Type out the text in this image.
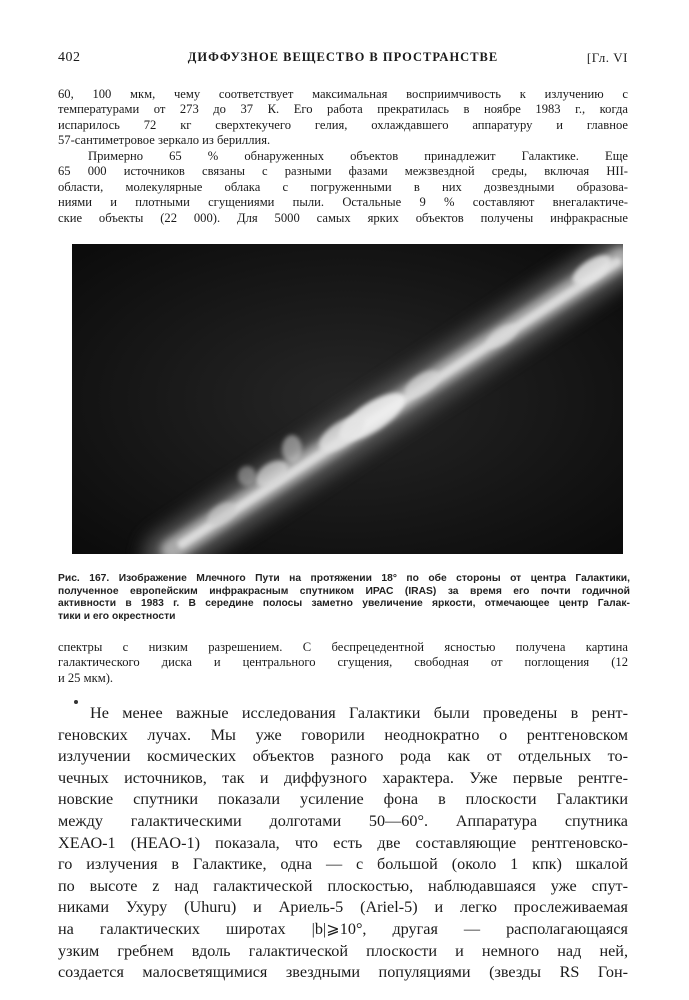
402	ДИФФУЗНОЕ ВЕЩЕСТВО В ПРОСТРАНСТВЕ	[Гл. VI
60, 100 мкм, чему соответствует максимальная восприимчивость к излучению с
температурами от 273 до 37 К. Его работа прекратилась в ноябре 1983 г., когда
испарилось 72 кг сверхтекучего гелия, охлаждавшего аппаратуру и главное
57-сантиметровое зеркало из бериллия.
Примерно 65 % обнаруженных объектов принадлежит Галактике. Еще
65 000 источников связаны с разными фазами межзвездной среды, включая НII-
области, молекулярные облака с погруженными в них дозвездными образова-
ниями и плотными сгущениями пыли. Остальные 9 % составляют внегалактиче-
ские объекты (22 000). Для 5000 самых ярких объектов получены инфракрасные
Рис. 167. Изображение Млечного Пути на протяжении 18° по обе стороны от центра Галактики,
полученное европейским инфракрасным спутником ИРАС (IRAS) за время его почти годичной
активности в 1983 г. В середине полосы заметно увеличение яркости, отмечающее центр Галак-
тики и его окрестности
спектры с низким разрешением. С беспрецедентной ясностью получена картина
галактического диска и центрального сгущения, свободная от поглощения (12
и 25 мкм).
Не менее важные исследования Галактики были проведены в рент-
геновских лучах. Мы уже говорили неоднократно о рентгеновском
излучении космических объектов разного рода как от отдельных то-
чечных источников, так и диффузного характера. Уже первые рентге-
новские спутники показали усиление фона в плоскости Галактики
между галактическими долготами 50—60°. Аппаратура спутника
ХЕАО-1 (HEAO-1) показала, что есть две составляющие рентгеновско-
го излучения в Галактике, одна — с большой (около 1 кпк) шкалой
по высоте z над галактической плоскостью, наблюдавшаяся уже спут-
никами Ухуру (Uhuru) и Ариель-5 (Ariel-5) и легко прослеживаемая
на галактических широтах |b|⩾10°, другая — располагающаяся
узким гребнем вдоль галактической плоскости и немного над ней,
создается малосветящимися звездными популяциями (звезды RS Гон-
